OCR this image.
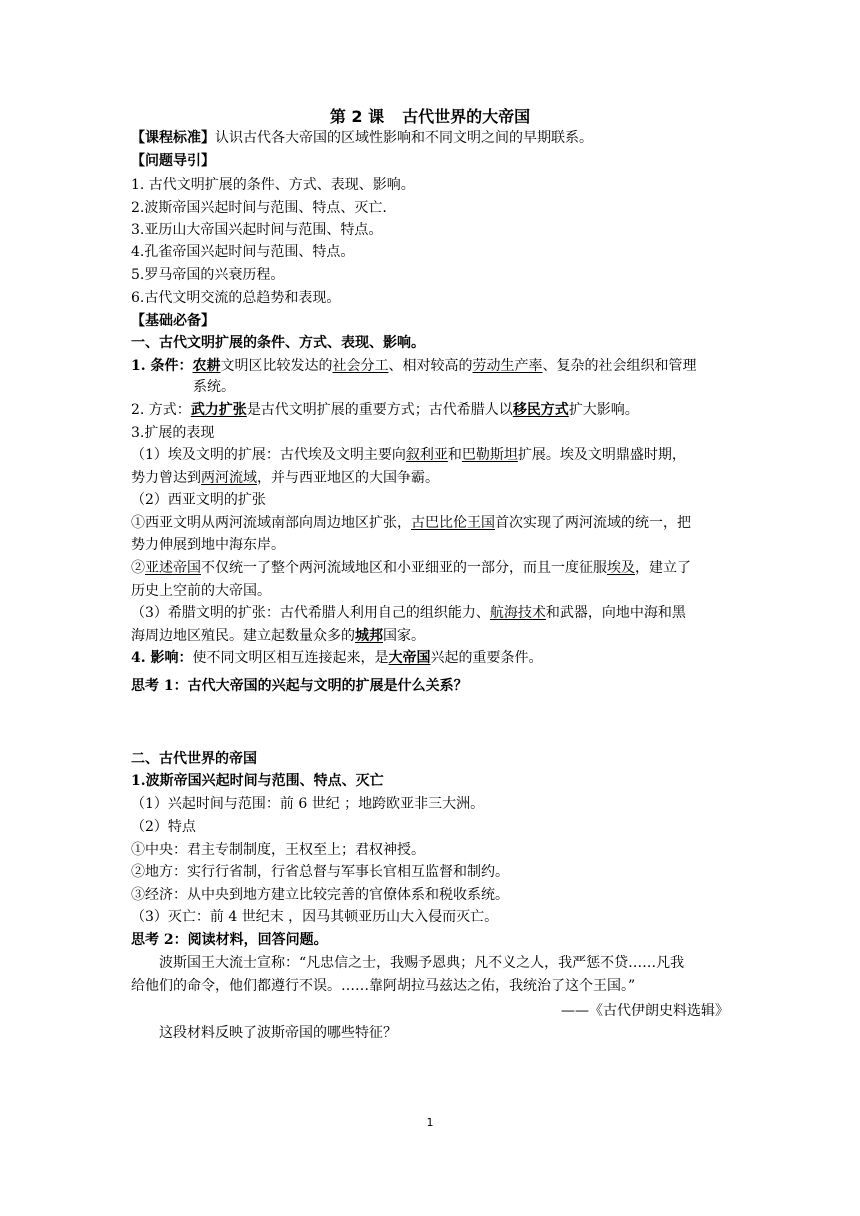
第 2 课 古代世界的大帝国
【课程标准】认识古代各大帝国的区域性影响和不同文明之间的早期联系。
【问题导引】
1. 古代文明扩展的条件、方式、表现、影响。
2.波斯帝国兴起时间与范围、特点、灭亡.
3.亚历山大帝国兴起时间与范围、特点。
4.孔雀帝国兴起时间与范围、特点。
5.罗马帝国的兴衰历程。
6.古代文明交流的总趋势和表现。
【基础必备】
一、古代文明扩展的条件、方式、表现、影响。
1. 条件：农耕文明区比较发达的社会分工、相对较高的劳动生产率、复杂的社会组织和管理
系统。
2. 方式：武力扩张是古代文明扩展的重要方式；古代希腊人以移民方式扩大影响。
3.扩展的表现
（1）埃及文明的扩展：古代埃及文明主要向叙利亚和巴勒斯坦扩展。埃及文明鼎盛时期，
势力曾达到两河流域，并与西亚地区的大国争霸。
（2）西亚文明的扩张
①西亚文明从两河流域南部向周边地区扩张，古巴比伦王国首次实现了两河流域的统一，把
势力伸展到地中海东岸。
②亚述帝国不仅统一了整个两河流域地区和小亚细亚的一部分，而且一度征服埃及，建立了
历史上空前的大帝国。
（3）希腊文明的扩张：古代希腊人利用自己的组织能力、航海技术和武器，向地中海和黑
海周边地区殖民。建立起数量众多的城邦国家。
4. 影响：使不同文明区相互连接起来，是大帝国兴起的重要条件。
思考 1：古代大帝国的兴起与文明的扩展是什么关系？
二、古代世界的帝国
1.波斯帝国兴起时间与范围、特点、灭亡
（1）兴起时间与范围：前 6 世纪 ；地跨欧亚非三大洲。
（2）特点
①中央：君主专制制度，王权至上；君权神授。
②地方：实行行省制，行省总督与军事长官相互监督和制约。
③经济：从中央到地方建立比较完善的官僚体系和税收系统。
（3）灭亡：前 4 世纪末 ，因马其顿亚历山大入侵而灭亡。
思考 2：阅读材料，回答问题。
波斯国王大流士宣称：“凡忠信之士，我赐予恩典；凡不义之人，我严惩不贷……凡我
给他们的命令，他们都遵行不误。……靠阿胡拉马兹达之佑，我统治了这个王国。”
——《古代伊朗史料选辑》
这段材料反映了波斯帝国的哪些特征？
1
